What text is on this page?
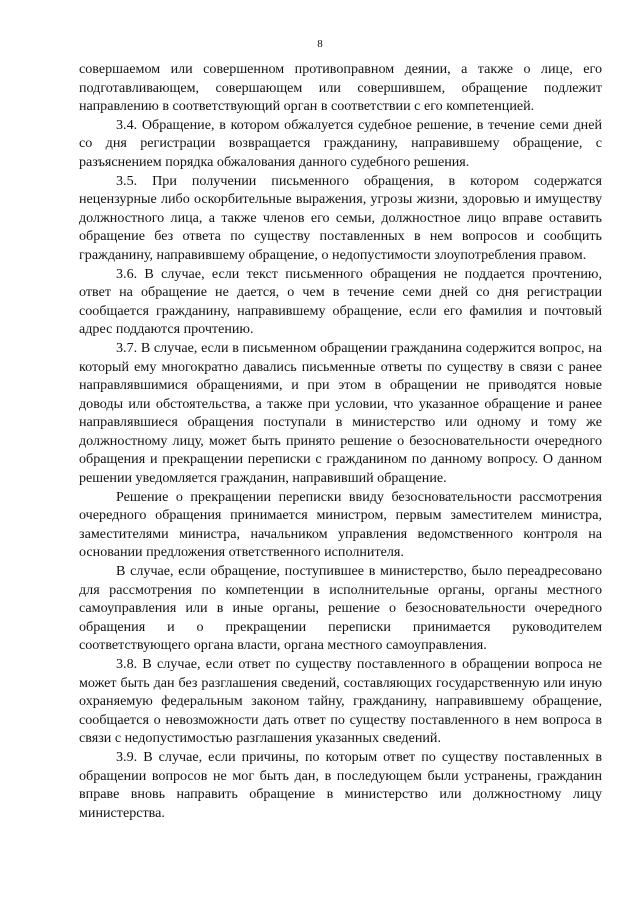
8

совершаемом или совершенном противоправном деянии, а также о лице, его подготавливающем, совершающем или совершившем, обращение подлежит направлению в соответствующий орган в соответствии с его компетенцией.

3.4. Обращение, в котором обжалуется судебное решение, в течение семи дней со дня регистрации возвращается гражданину, направившему обращение, с разъяснением порядка обжалования данного судебного решения.

3.5. При получении письменного обращения, в котором содержатся нецензурные либо оскорбительные выражения, угрозы жизни, здоровью и имуществу должностного лица, а также членов его семьи, должностное лицо вправе оставить обращение без ответа по существу поставленных в нем вопросов и сообщить гражданину, направившему обращение, о недопустимости злоупотребления правом.

3.6. В случае, если текст письменного обращения не поддается прочтению, ответ на обращение не дается, о чем в течение семи дней со дня регистрации сообщается гражданину, направившему обращение, если его фамилия и почтовый адрес поддаются прочтению.

3.7. В случае, если в письменном обращении гражданина содержится вопрос, на который ему многократно давались письменные ответы по существу в связи с ранее направлявшимися обращениями, и при этом в обращении не приводятся новые доводы или обстоятельства, а также при условии, что указанное обращение и ранее направлявшиеся обращения поступали в министерство или одному и тому же должностному лицу, может быть принято решение о безосновательности очередного обращения и прекращении переписки с гражданином по данному вопросу. О данном решении уведомляется гражданин, направивший обращение.

Решение о прекращении переписки ввиду безосновательности рассмотрения очередного обращения принимается министром, первым заместителем министра, заместителями министра, начальником управления ведомственного контроля на основании предложения ответственного исполнителя.

В случае, если обращение, поступившее в министерство, было переадресовано для рассмотрения по компетенции в исполнительные органы, органы местного самоуправления или в иные органы, решение о безосновательности очередного обращения и о прекращении переписки принимается руководителем соответствующего органа власти, органа местного самоуправления.

3.8. В случае, если ответ по существу поставленного в обращении вопроса не может быть дан без разглашения сведений, составляющих государственную или иную охраняемую федеральным законом тайну, гражданину, направившему обращение, сообщается о невозможности дать ответ по существу поставленного в нем вопроса в связи с недопустимостью разглашения указанных сведений.

3.9. В случае, если причины, по которым ответ по существу поставленных в обращении вопросов не мог быть дан, в последующем были устранены, гражданин вправе вновь направить обращение в министерство или должностному лицу министерства.
